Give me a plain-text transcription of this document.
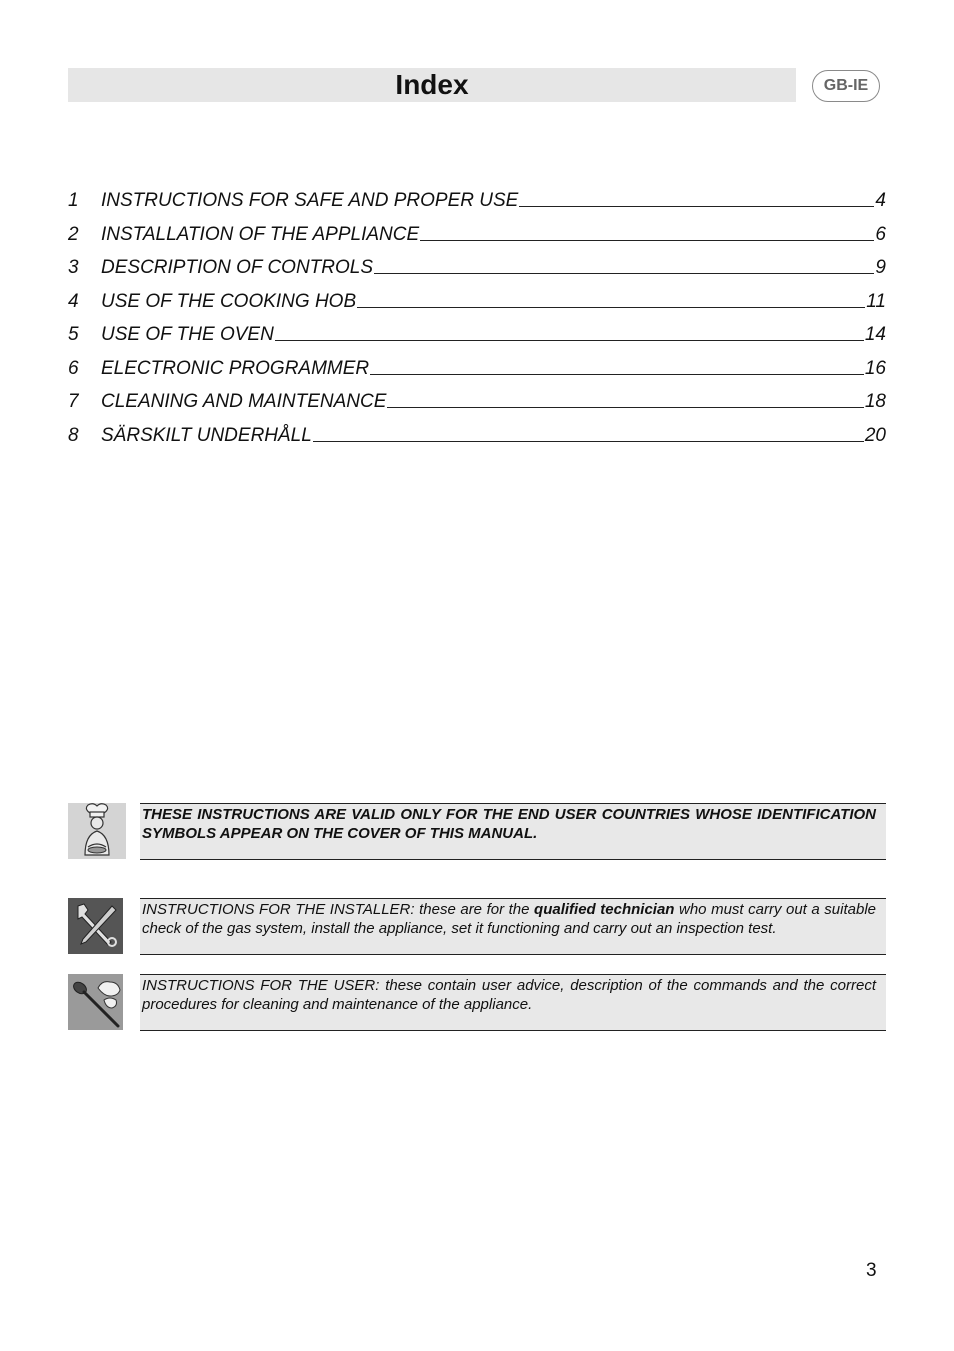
Index	GB-IE
1	INSTRUCTIONS FOR SAFE AND PROPER USE	4
2	INSTALLATION OF THE APPLIANCE	6
3	DESCRIPTION OF CONTROLS	9
4	USE OF THE COOKING HOB	11
5	USE OF THE OVEN	14
6	ELECTRONIC PROGRAMMER	16
7	CLEANING AND MAINTENANCE	18
8	SÄRSKILT UNDERHÅLL	20
THESE INSTRUCTIONS ARE VALID ONLY FOR THE END USER COUNTRIES WHOSE IDENTIFICATION SYMBOLS APPEAR ON THE COVER OF THIS MANUAL.
INSTRUCTIONS FOR THE INSTALLER: these are for the qualified technician who must carry out a suitable check of the gas system, install the appliance, set it functioning and carry out an inspection test.
INSTRUCTIONS FOR THE USER: these contain user advice, description of the commands and the correct procedures for cleaning and maintenance of the appliance.
3
